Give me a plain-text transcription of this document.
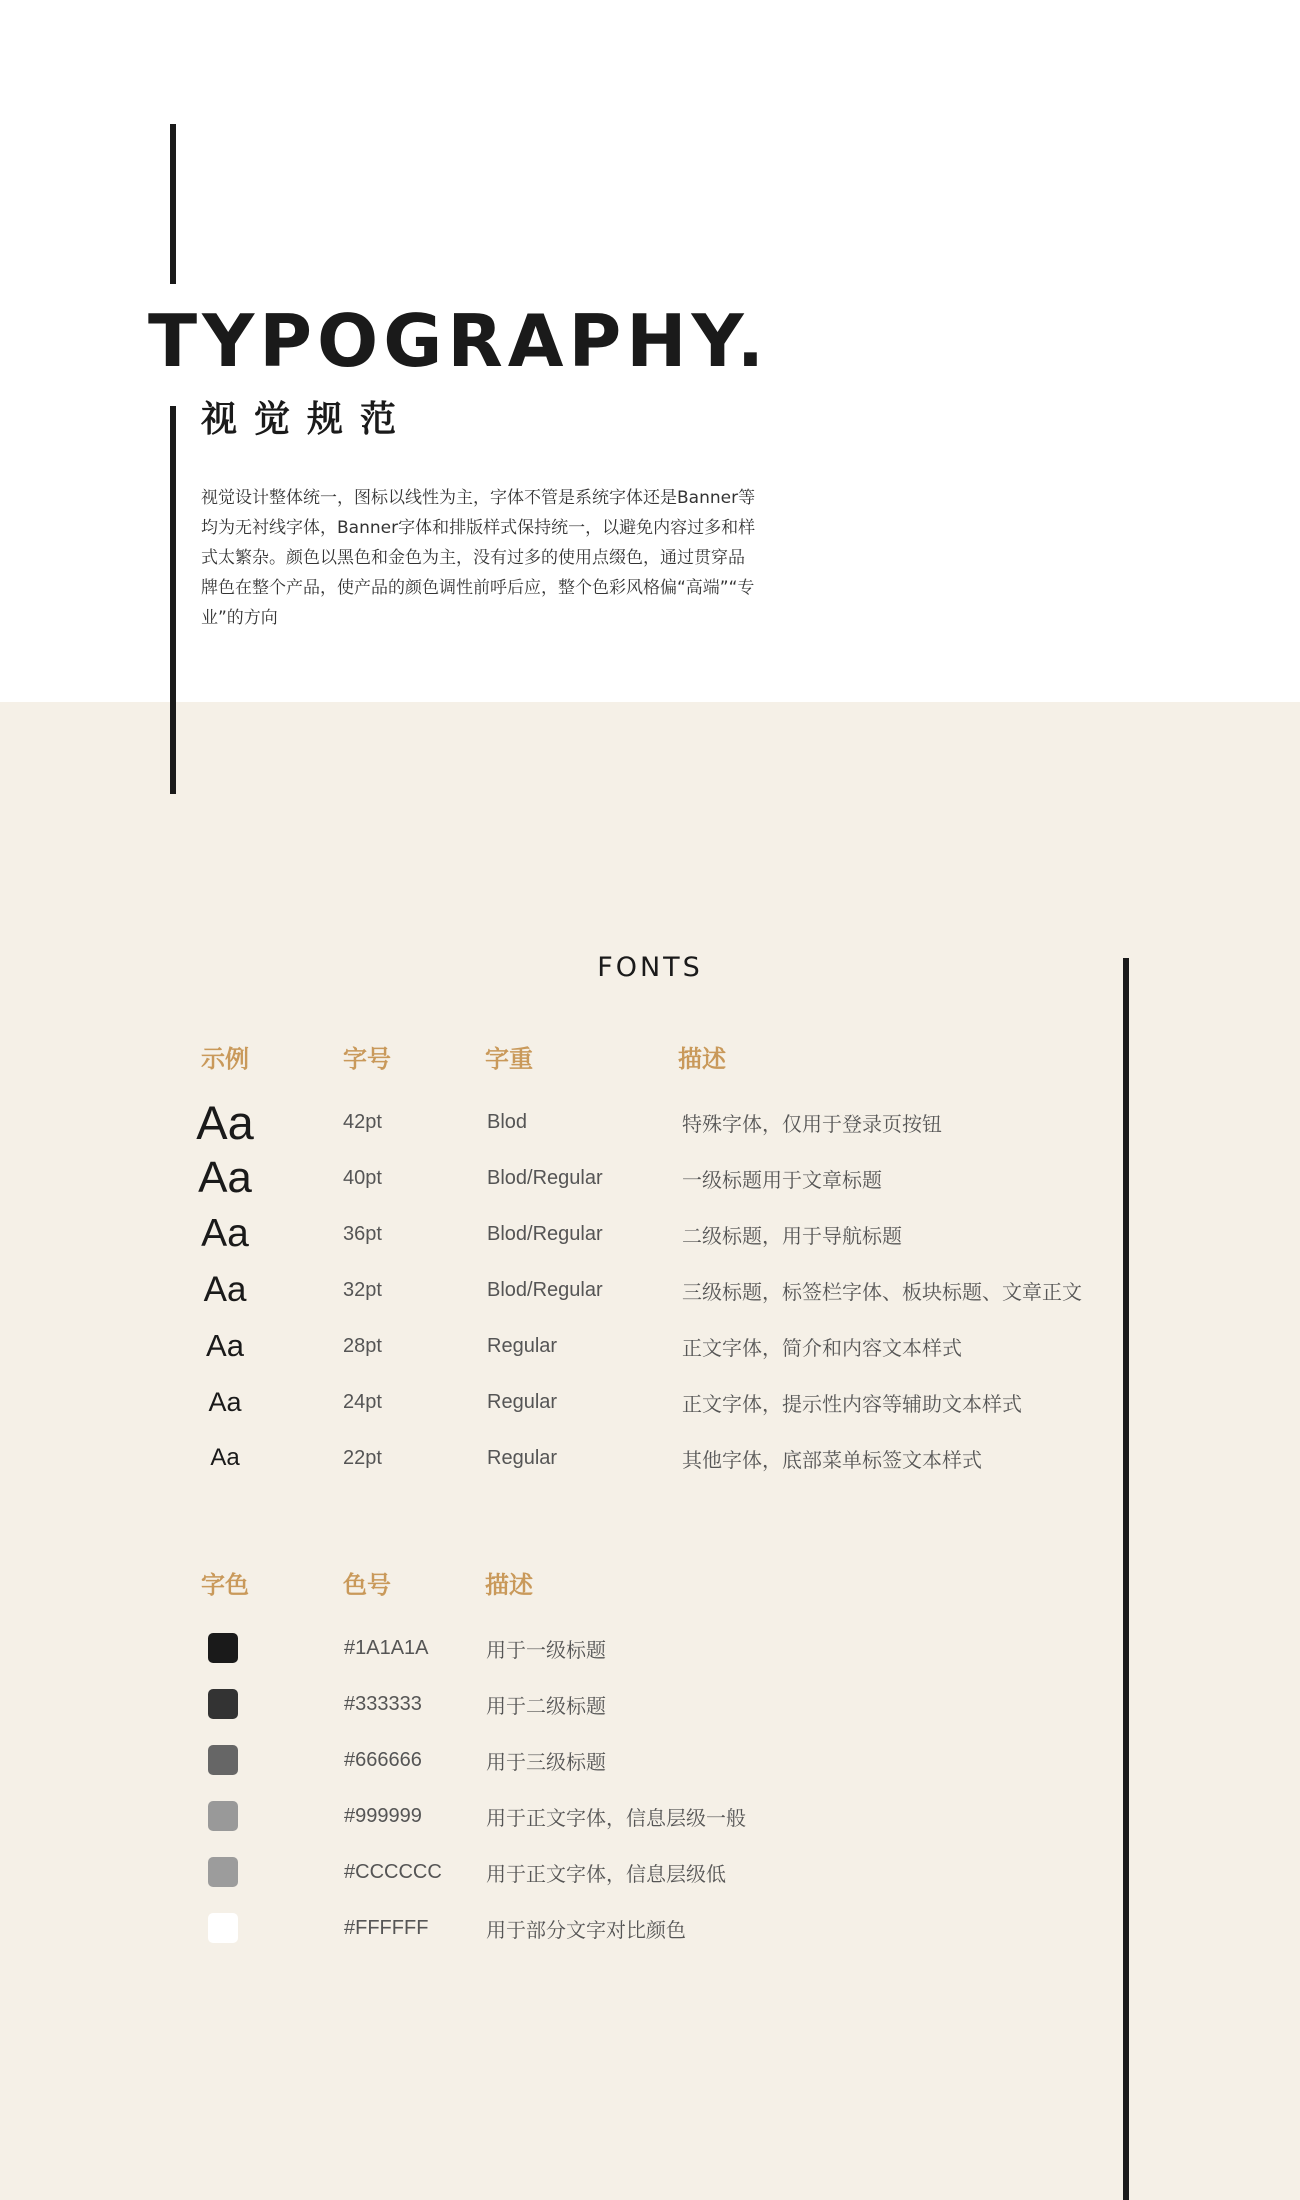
TYPOGRAPHY.
视觉规范

视觉设计整体统一，图标以线性为主，字体不管是系统字体还是Banner等均为无衬线字体，Banner字体和排版样式保持统一，以避免内容过多和样式太繁杂。颜色以黑色和金色为主，没有过多的使用点缀色，通过贯穿品牌色在整个产品，使产品的颜色调性前呼后应，整个色彩风格偏“高端”“专业”的方向

FONTS
示例	字号	字重	描述
Aa	42pt	Blod	特殊字体，仅用于登录页按钮
Aa	40pt	Blod/Regular	一级标题用于文章标题
Aa	36pt	Blod/Regular	二级标题，用于导航标题
Aa	32pt	Blod/Regular	三级标题，标签栏字体、板块标题、文章正文
Aa	28pt	Regular	正文字体，简介和内容文本样式
Aa	24pt	Regular	正文字体，提示性内容等辅助文本样式
Aa	22pt	Regular	其他字体，底部菜单标签文本样式
字色	色号	描述
#1A1A1A	用于一级标题
#333333	用于二级标题
#666666	用于三级标题
#999999	用于正文字体，信息层级一般
#CCCCCC 用于正文字体，信息层级低
#FFFFFF	用于部分文字对比颜色
